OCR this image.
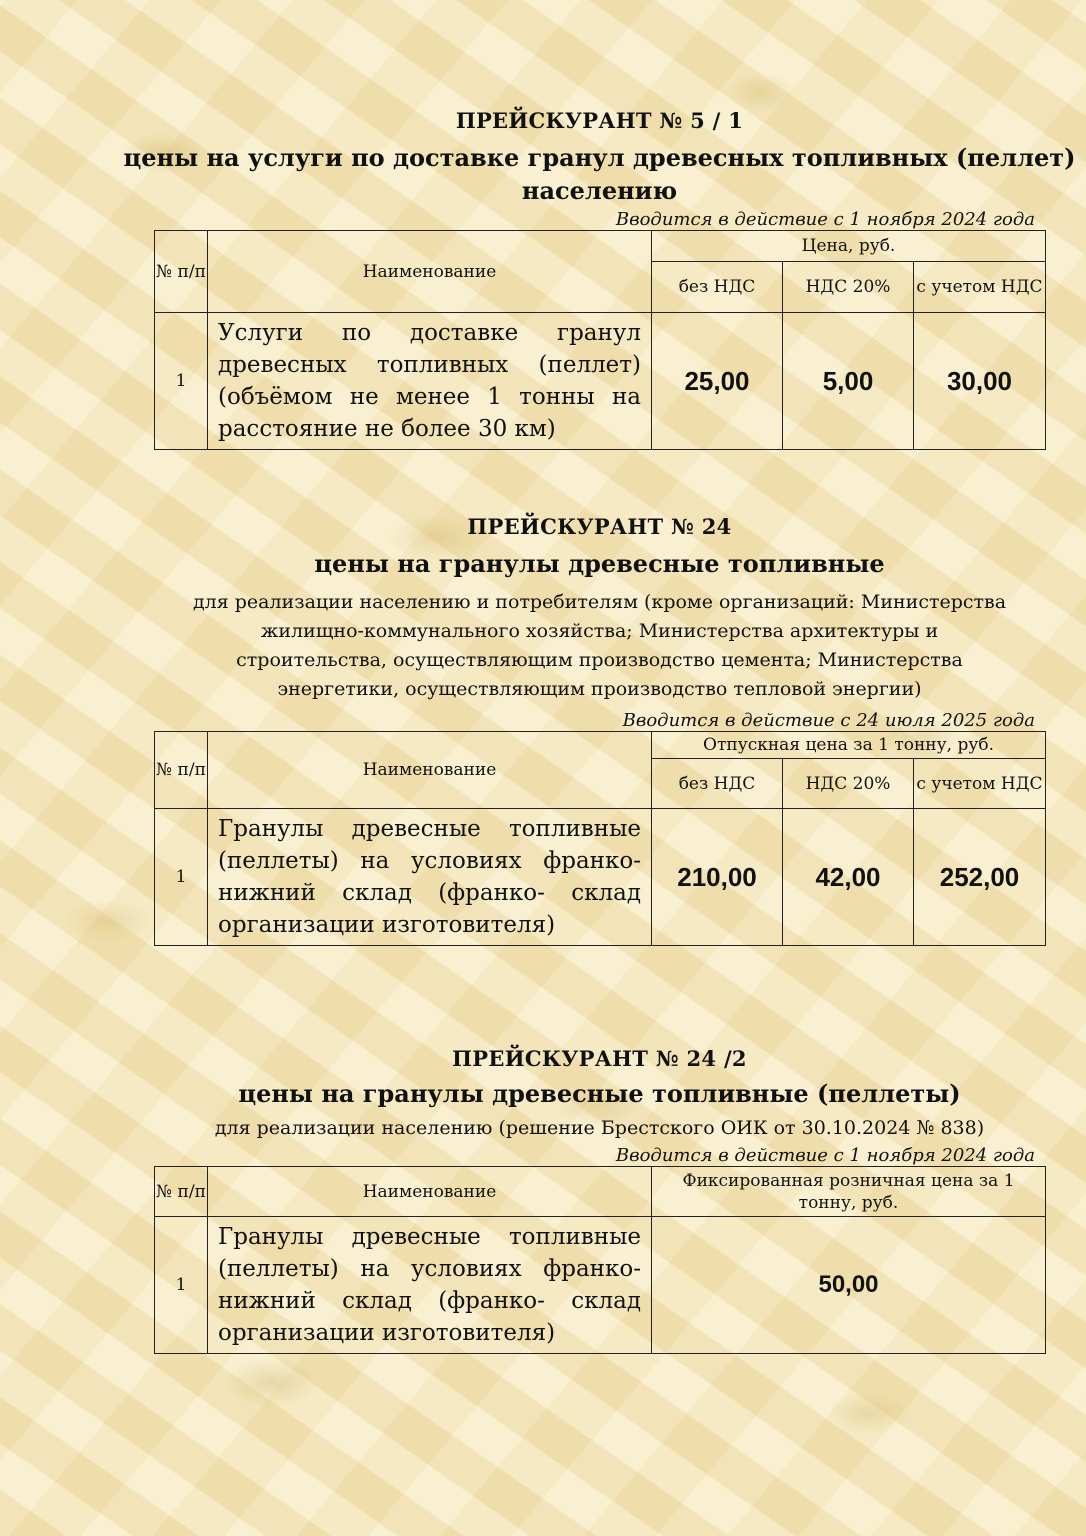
ПРЕЙСКУРАНТ № 5 / 1
цены на услуги по доставке гранул древесных топливных (пеллет) населению
Вводится в действие с 1 ноября 2024 года
№ п/п	Наименование	Цена, руб.		
		без НДС	НДС 20%	с учетом НДС
1	Услуги по доставке гранул древесных топливных (пеллет) (объёмом не менее 1 тонны на расстояние не более 30 км)	25,00	5,00	30,00
ПРЕЙСКУРАНТ № 24
цены на гранулы древесные топливные
для реализации населению и потребителям (кроме организаций: Министерства жилищно-коммунального хозяйства; Министерства архитектуры и строительства, осуществляющим производство цемента; Министерства энергетики, осуществляющим производство тепловой энергии)
Вводится в действие с 24 июля 2025 года
№ п/п	Наименование	Отпускная цена за 1 тонну, руб.		
		без НДС	НДС 20%	с учетом НДС
1	Гранулы древесные топливные (пеллеты) на условиях франко-нижний склад (франко- склад организации изготовителя)	210,00	42,00	252,00
ПРЕЙСКУРАНТ № 24 /2
цены на гранулы древесные топливные (пеллеты)
для реализации населению (решение Брестского ОИК от 30.10.2024 № 838)
Вводится в действие с 1 ноября 2024 года
№ п/п	Наименование	Фиксированная розничная цена за 1 тонну, руб.
1	Гранулы древесные топливные (пеллеты) на условиях франко-нижний склад (франко- склад организации изготовителя)	50,00
